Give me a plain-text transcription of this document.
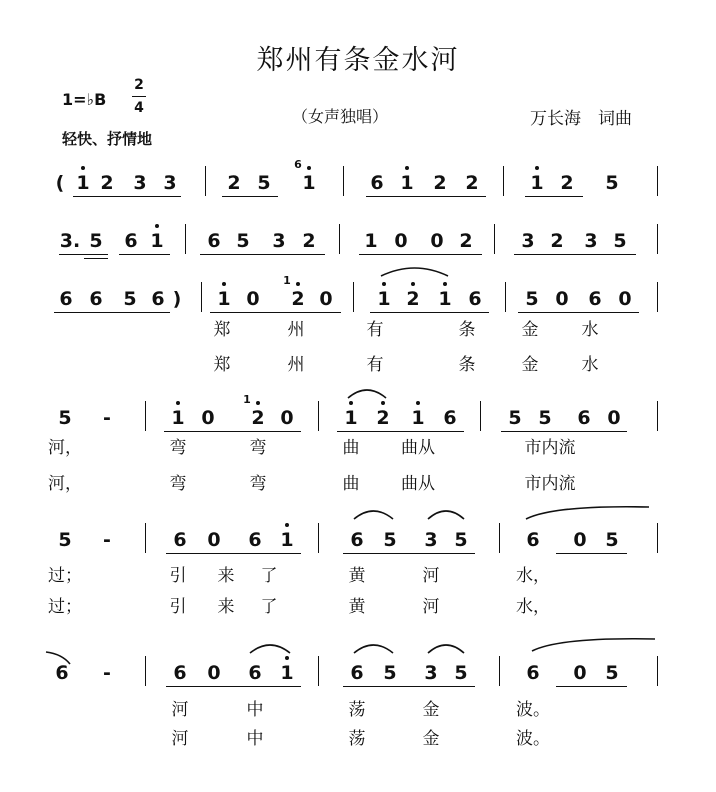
郑州有条金水河
1=♭B
2
4	（女声独唱）	万长海　词曲
轻快、抒情地
( 1 2 3 3	2 5 1
6
6 1 2 2	1 2 5
3. 5 6 1 6 5 3 2	1 0 0 2	3 2 3 5
6 6 5 6 ) 1 0 2
1
0 1 2 1 6 5 0 6 0
郑	州	有	条	金	水
郑	州	有	条	金	水
5 -	1 0 2
1
0	1 2 1 6	5 5 6 0
河，	弯	弯	曲 曲从	市内流
河，	弯	弯	曲 曲从	市内流
5 -	6 0 6 1	6 5 3 5	6 0 5
过；	引 来 了	黄	河	水，
过；	引 来 了	黄	河	水，
6 -	6 0 6 1	6 5 3 5	6 0 5
河	中	荡	金	波。
河	中	荡	金	波。
